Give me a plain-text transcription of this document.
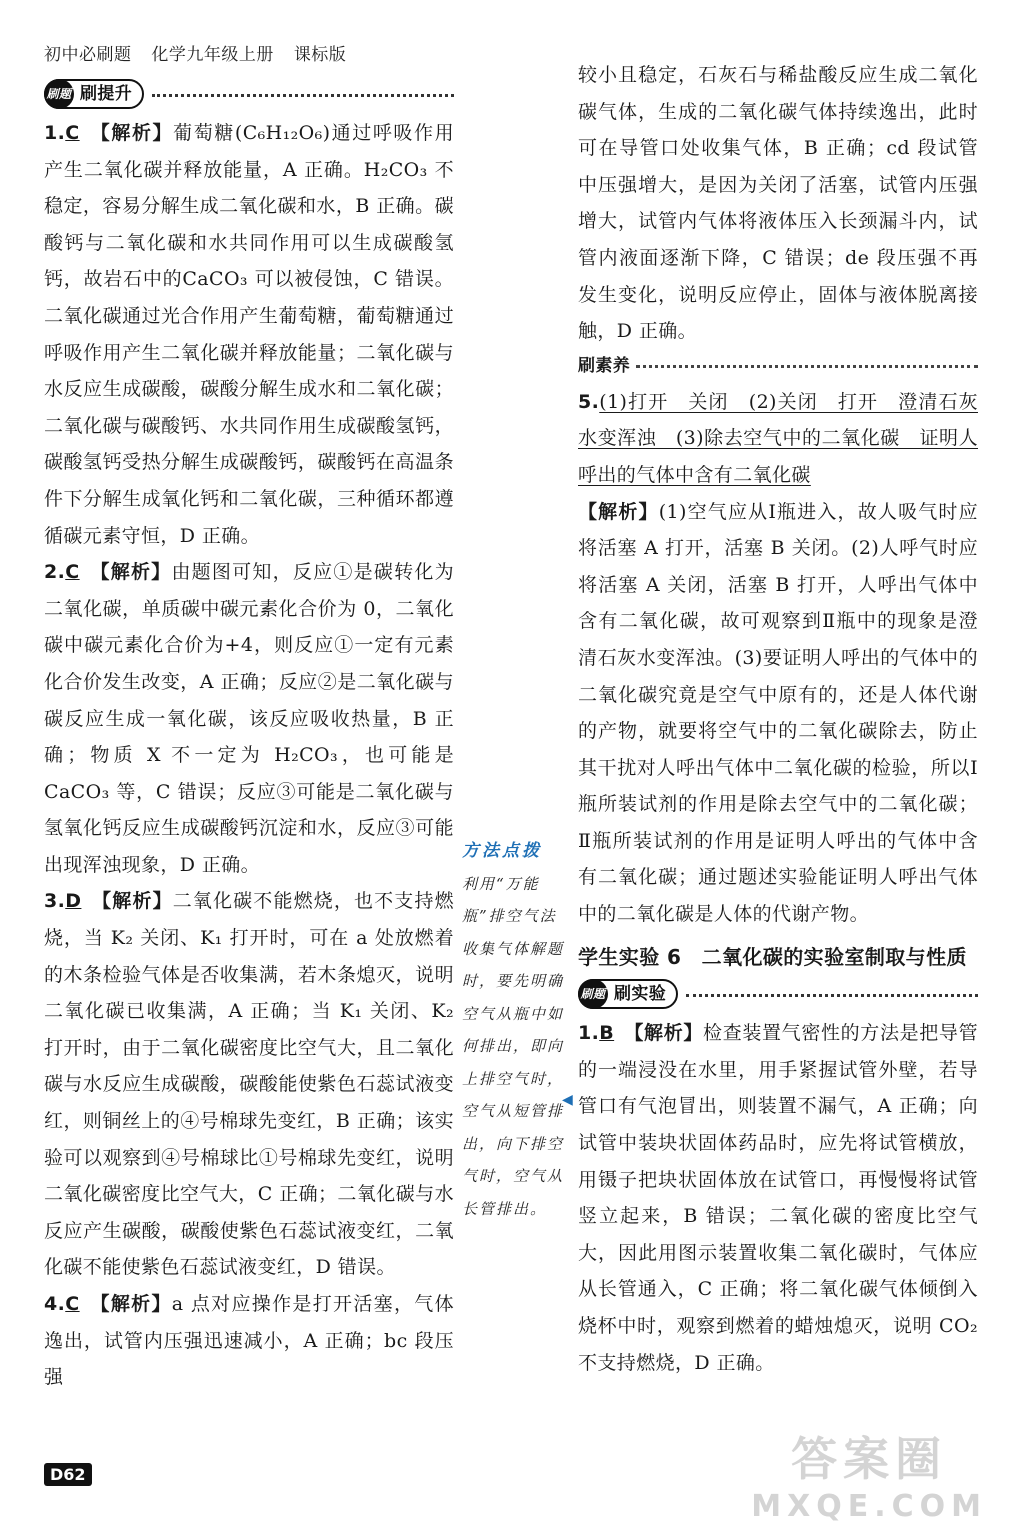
初中必刷题 化学九年级上册 课标版
刷题 刷提升

1.C 【解析】葡萄糖(C₆H₁₂O₆)通过呼吸作用产生二氧化碳并释放能量，A 正确。H₂CO₃ 不稳定，容易分解生成二氧化碳和水，B 正确。碳酸钙与二氧化碳和水共同作用可以生成碳酸氢钙，故岩石中的CaCO₃ 可以被侵蚀，C 错误。二氧化碳通过光合作用产生葡萄糖，葡萄糖通过呼吸作用产生二氧化碳并释放能量；二氧化碳与水反应生成碳酸，碳酸分解生成水和二氧化碳；二氧化碳与碳酸钙、水共同作用生成碳酸氢钙，碳酸氢钙受热分解生成碳酸钙，碳酸钙在高温条件下分解生成氧化钙和二氧化碳，三种循环都遵循碳元素守恒，D 正确。

2.C 【解析】由题图可知，反应①是碳转化为二氧化碳，单质碳中碳元素化合价为 0，二氧化碳中碳元素化合价为+4，则反应①一定有元素化合价发生改变，A 正确；反应②是二氧化碳与碳反应生成一氧化碳，该反应吸收热量，B 正确；物质 X 不一定为 H₂CO₃，也可能是 CaCO₃ 等，C 错误；反应③可能是二氧化碳与氢氧化钙反应生成碳酸钙沉淀和水，反应③可能出现浑浊现象，D 正确。

3.D 【解析】二氧化碳不能燃烧，也不支持燃烧，当 K₂ 关闭、K₁ 打开时，可在 a 处放燃着的木条检验气体是否收集满，若木条熄灭，说明二氧化碳已收集满，A 正确；当 K₁ 关闭、K₂ 打开时，由于二氧化碳密度比空气大，且二氧化碳与水反应生成碳酸，碳酸能使紫色石蕊试液变红，则铜丝上的④号棉球先变红，B 正确；该实验可以观察到④号棉球比①号棉球先变红，说明二氧化碳密度比空气大，C 正确；二氧化碳与水反应产生碳酸，碳酸使紫色石蕊试液变红，二氧化碳不能使紫色石蕊试液变红，D 错误。

4.C 【解析】a 点对应操作是打开活塞，气体逸出，试管内压强迅速减小，A 正确；bc 段压强

方法点拨
利用“万能瓶”排空气法收集气体解题时，要先明确空气从瓶中如何排出，即向上排空气时，空气从短管排出，向下排空气时，空气从长管排出。
◀

较小且稳定，石灰石与稀盐酸反应生成二氧化碳气体，生成的二氧化碳气体持续逸出，此时可在导管口处收集气体，B 正确；cd 段试管中压强增大，是因为关闭了活塞，试管内压强增大，试管内气体将液体压入长颈漏斗内，试管内液面逐渐下降，C 错误；de 段压强不再发生变化，说明反应停止，固体与液体脱离接触，D 正确。

刷素养

5.(1)打开　关闭　(2)关闭　打开　澄清石灰水变浑浊　(3)除去空气中的二氧化碳　证明人呼出的气体中含有二氧化碳

【解析】(1)空气应从Ⅰ瓶进入，故人吸气时应将活塞 A 打开，活塞 B 关闭。(2)人呼气时应将活塞 A 关闭，活塞 B 打开，人呼出气体中含有二氧化碳，故可观察到Ⅱ瓶中的现象是澄清石灰水变浑浊。(3)要证明人呼出的气体中的二氧化碳究竟是空气中原有的，还是人体代谢的产物，就要将空气中的二氧化碳除去，防止其干扰对人呼出气体中二氧化碳的检验，所以Ⅰ瓶所装试剂的作用是除去空气中的二氧化碳；Ⅱ瓶所装试剂的作用是证明人呼出的气体中含有二氧化碳；通过题述实验能证明人呼出气体中的二氧化碳是人体的代谢产物。

学生实验 6　二氧化碳的实验室制取与性质
刷题 刷实验

1.B 【解析】检查装置气密性的方法是把导管的一端浸没在水里，用手紧握试管外壁，若导管口有气泡冒出，则装置不漏气，A 正确；向试管中装块状固体药品时，应先将试管横放，用镊子把块状固体放在试管口，再慢慢将试管竖立起来，B 错误；二氧化碳的密度比空气大，因此用图示装置收集二氧化碳时，气体应从长管通入，C 正确；将二氧化碳气体倾倒入烧杯中时，观察到燃着的蜡烛熄灭，说明 CO₂ 不支持燃烧，D 正确。

D62	答案圈
MXQE.COM
